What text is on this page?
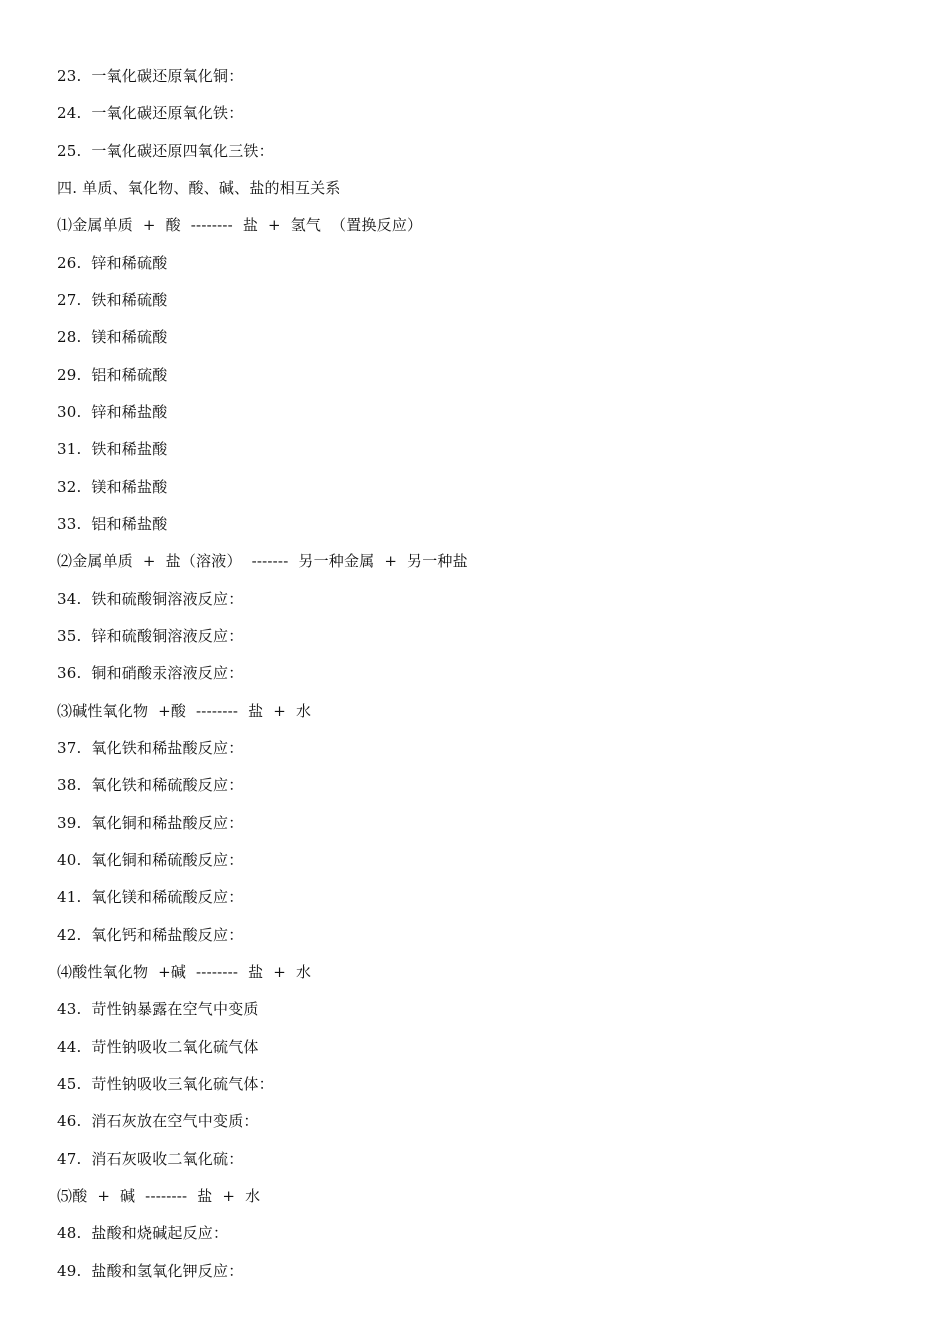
23.  一氧化碳还原氧化铜：
24.  一氧化碳还原氧化铁：
25.  一氧化碳还原四氧化三铁：
四. 单质、氧化物、酸、碱、盐的相互关系
⑴金属单质  +  酸  --------  盐  +  氢气  （置换反应）
26.  锌和稀硫酸
27.  铁和稀硫酸
28.  镁和稀硫酸
29.  铝和稀硫酸
30.  锌和稀盐酸
31.  铁和稀盐酸
32.  镁和稀盐酸
33.  铝和稀盐酸
⑵金属单质  +  盐（溶液）  -------  另一种金属  +  另一种盐
34.  铁和硫酸铜溶液反应：
35.  锌和硫酸铜溶液反应：
36.  铜和硝酸汞溶液反应：
⑶碱性氧化物  +酸  --------  盐  +  水
37.  氧化铁和稀盐酸反应：
38.  氧化铁和稀硫酸反应：
39.  氧化铜和稀盐酸反应：
40.  氧化铜和稀硫酸反应：
41.  氧化镁和稀硫酸反应：
42.  氧化钙和稀盐酸反应：
⑷酸性氧化物  +碱  --------  盐  +  水
43.  苛性钠暴露在空气中变质
44.  苛性钠吸收二氧化硫气体
45.  苛性钠吸收三氧化硫气体：
46.  消石灰放在空气中变质：
47.  消石灰吸收二氧化硫：
⑸酸  +  碱  --------  盐  +  水
48.  盐酸和烧碱起反应：
49.  盐酸和氢氧化钾反应：
